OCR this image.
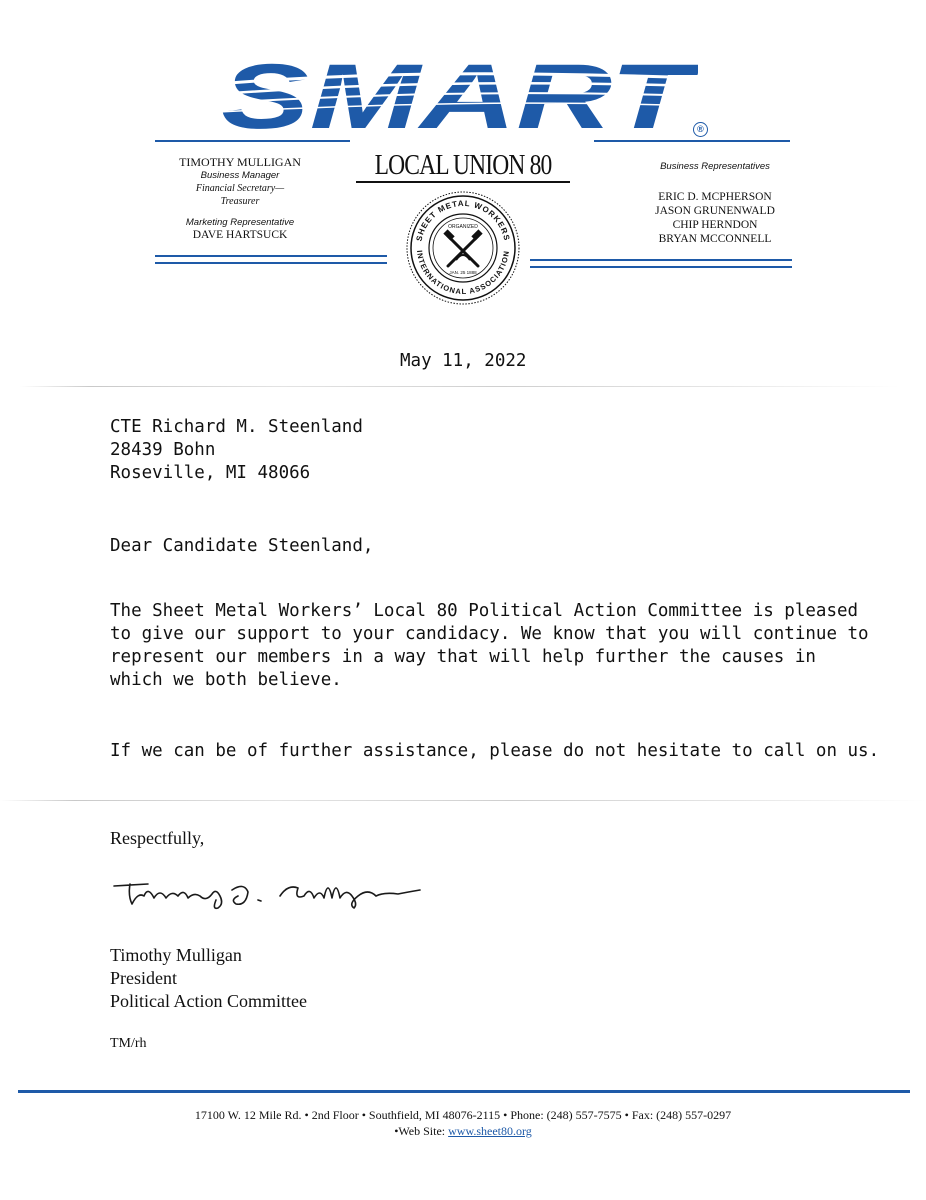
®
TIMOTHY MULLIGAN
Business Manager
Financial Secretary—
Treasurer
Marketing Representative
DAVE HARTSUCK
LOCAL UNION 80
SHEET METAL WORKERS
INTERNATIONAL ASSOCIATION
ORGANIZED
JAN. 25 1888
Business Representatives
ERIC D. MCPHERSON
JASON GRUNENWALD
CHIP HERNDON
BRYAN MCCONNELL
May 11, 2022
CTE Richard M. Steenland
28439 Bohn
Roseville, MI 48066
Dear Candidate Steenland,
The Sheet Metal Workers’ Local 80 Political Action Committee is pleased
to give our support to your candidacy. We know that you will continue to
represent our members in a way that will help further the causes in
which we both believe.
If we can be of further assistance, please do not hesitate to call on us.
Respectfully,
Timothy Mulligan
President
Political Action Committee
TM/rh
17100 W. 12 Mile Rd. • 2nd Floor • Southfield, MI 48076-2115 • Phone: (248) 557-7575 • Fax: (248) 557-0297
•Web Site: www.sheet80.org
